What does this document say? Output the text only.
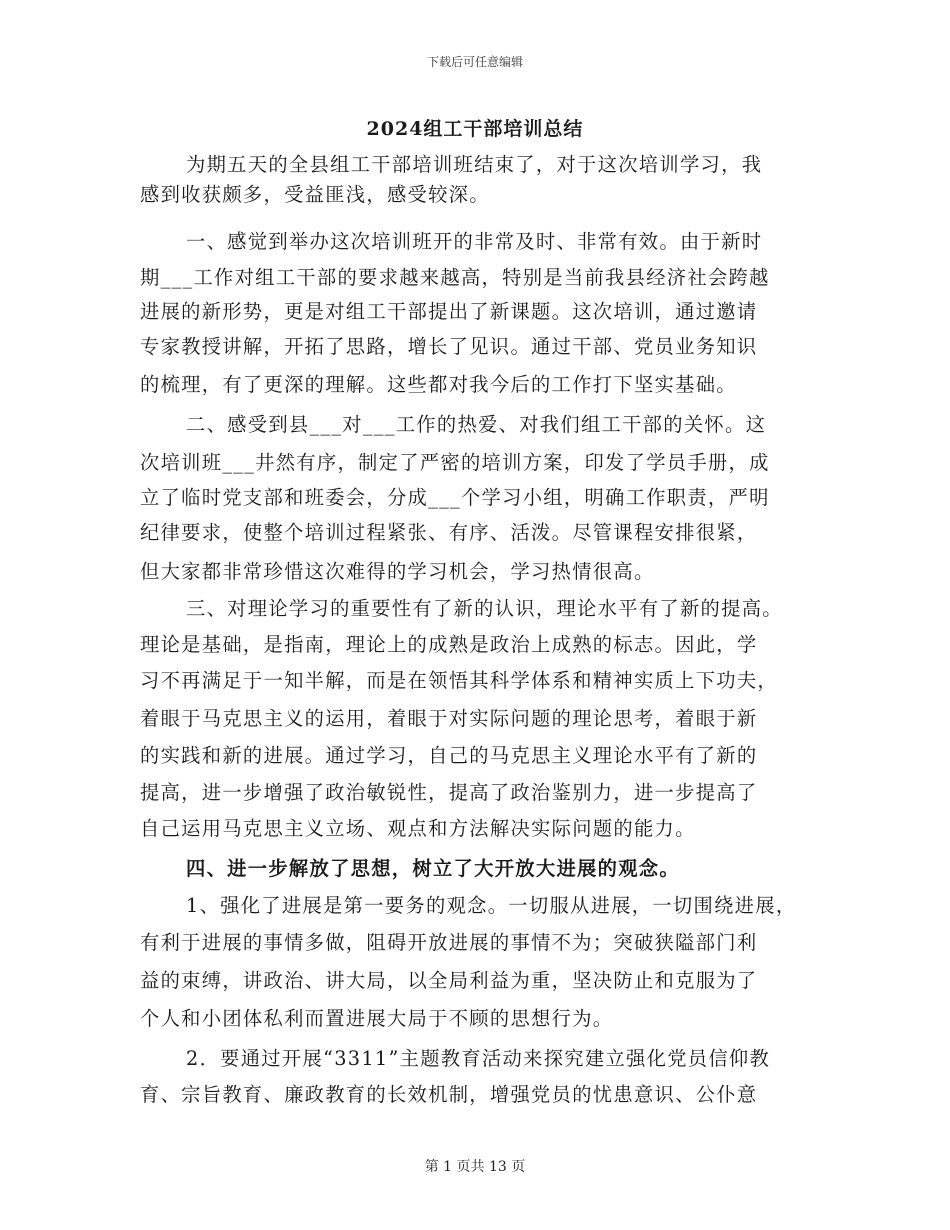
下载后可任意编辑
2024组工干部培训总结
为期五天的全县组工干部培训班结束了，对于这次培训学习，我
感到收获颇多，受益匪浅，感受较深。
一、感觉到举办这次培训班开的非常及时、非常有效。由于新时
期___工作对组工干部的要求越来越高，特别是当前我县经济社会跨越
进展的新形势，更是对组工干部提出了新课题。这次培训，通过邀请
专家教授讲解，开拓了思路，增长了见识。通过干部、党员业务知识
的梳理，有了更深的理解。这些都对我今后的工作打下坚实基础。
二、感受到县___对___工作的热爱、对我们组工干部的关怀。这
次培训班___井然有序，制定了严密的培训方案，印发了学员手册，成
立了临时党支部和班委会，分成___个学习小组，明确工作职责，严明
纪律要求，使整个培训过程紧张、有序、活泼。尽管课程安排很紧，
但大家都非常珍惜这次难得的学习机会，学习热情很高。
三、对理论学习的重要性有了新的认识，理论水平有了新的提高。
理论是基础，是指南，理论上的成熟是政治上成熟的标志。因此，学
习不再满足于一知半解，而是在领悟其科学体系和精神实质上下功夫，
着眼于马克思主义的运用，着眼于对实际问题的理论思考，着眼于新
的实践和新的进展。通过学习，自己的马克思主义理论水平有了新的
提高，进一步增强了政治敏锐性，提高了政治鉴别力，进一步提高了
自己运用马克思主义立场、观点和方法解决实际问题的能力。
四、进一步解放了思想，树立了大开放大进展的观念。
1、强化了进展是第一要务的观念。一切服从进展，一切围绕进展，
有利于进展的事情多做，阻碍开放进展的事情不为；突破狭隘部门利
益的束缚，讲政治、讲大局，以全局利益为重，坚决防止和克服为了
个人和小团体私利而置进展大局于不顾的思想行为。
2．要通过开展“3311”主题教育活动来探究建立强化党员信仰教
育、宗旨教育、廉政教育的长效机制，增强党员的忧患意识、公仆意
第 1 页共 13 页
